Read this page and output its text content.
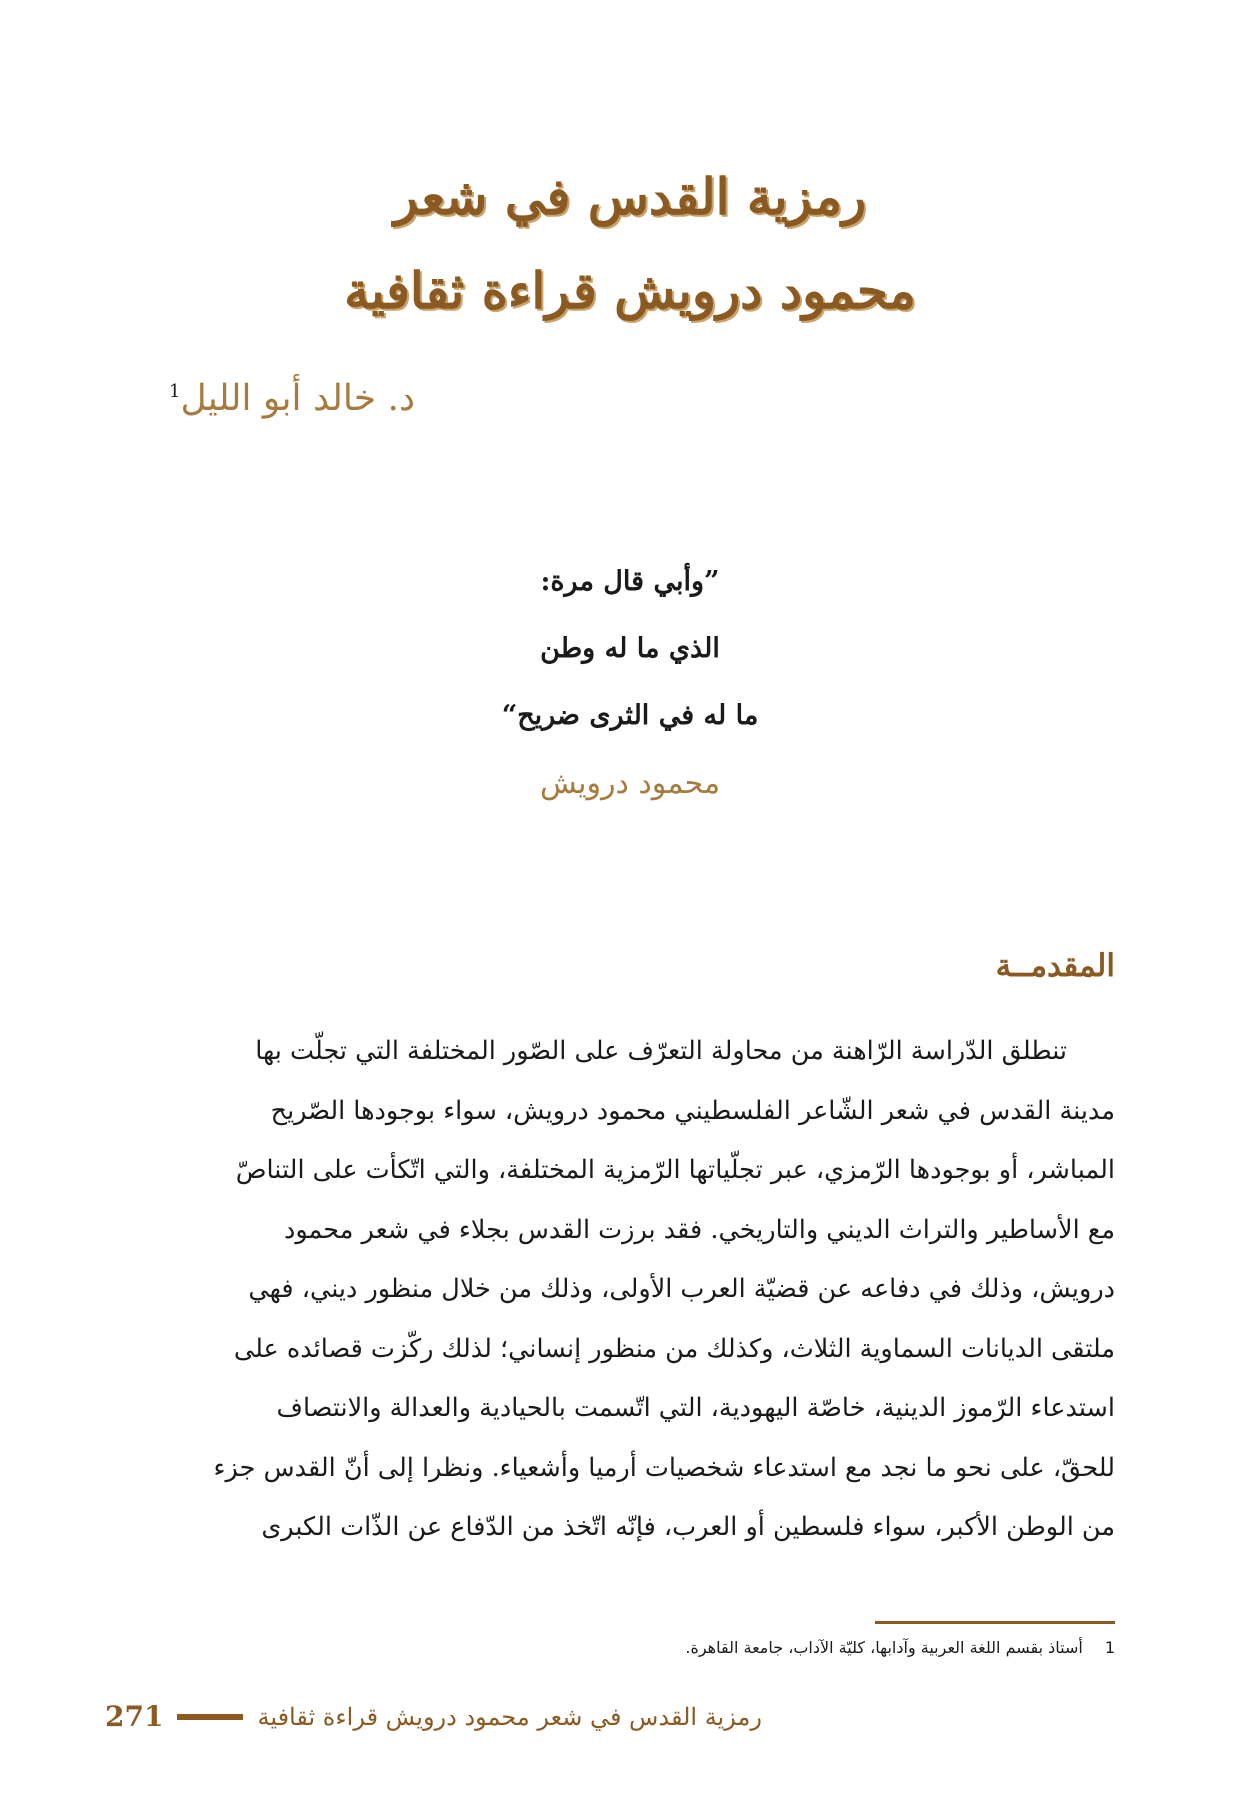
رمزية القدس في شعر
محمود درويش قراءة ثقافية
د. خالد أبو الليل$^1$
”وأبي قال مرة:
الذي ما له وطن
ما له في الثرى ضريح“
محمود درويش
المقدمــة
تنطلق الدّراسة الرّاهنة من محاولة التعرّف على الصّور المختلفة التي تجلّت بها
مدينة القدس في شعر الشّاعر الفلسطيني محمود درويش، سواء بوجودها الصّريح
المباشر، أو بوجودها الرّمزي، عبر تجلّياتها الرّمزية المختلفة، والتي اتّكأت على التناصّ
مع الأساطير والتراث الديني والتاريخي. فقد برزت القدس بجلاء في شعر محمود
درويش، وذلك في دفاعه عن قضيّة العرب الأولى، وذلك من خلال منظور ديني، فهي
ملتقى الديانات السماوية الثلاث، وكذلك من منظور إنساني؛ لذلك ركّزت قصائده على
استدعاء الرّموز الدينية، خاصّة اليهودية، التي اتّسمت بالحيادية والعدالة والانتصاف
للحقّ، على نحو ما نجد مع استدعاء شخصيات أرميا وأشعياء. ونظرا إلى أنّ القدس جزء
من الوطن الأكبر، سواء فلسطين أو العرب، فإنّه اتّخذ من الدّفاع عن الذّات الكبرى
1أستاذ بقسم اللغة العربية وآدابها، كليّة الآداب، جامعة القاهرة.
271	رمزية القدس في شعر محمود درويش قراءة ثقافية
